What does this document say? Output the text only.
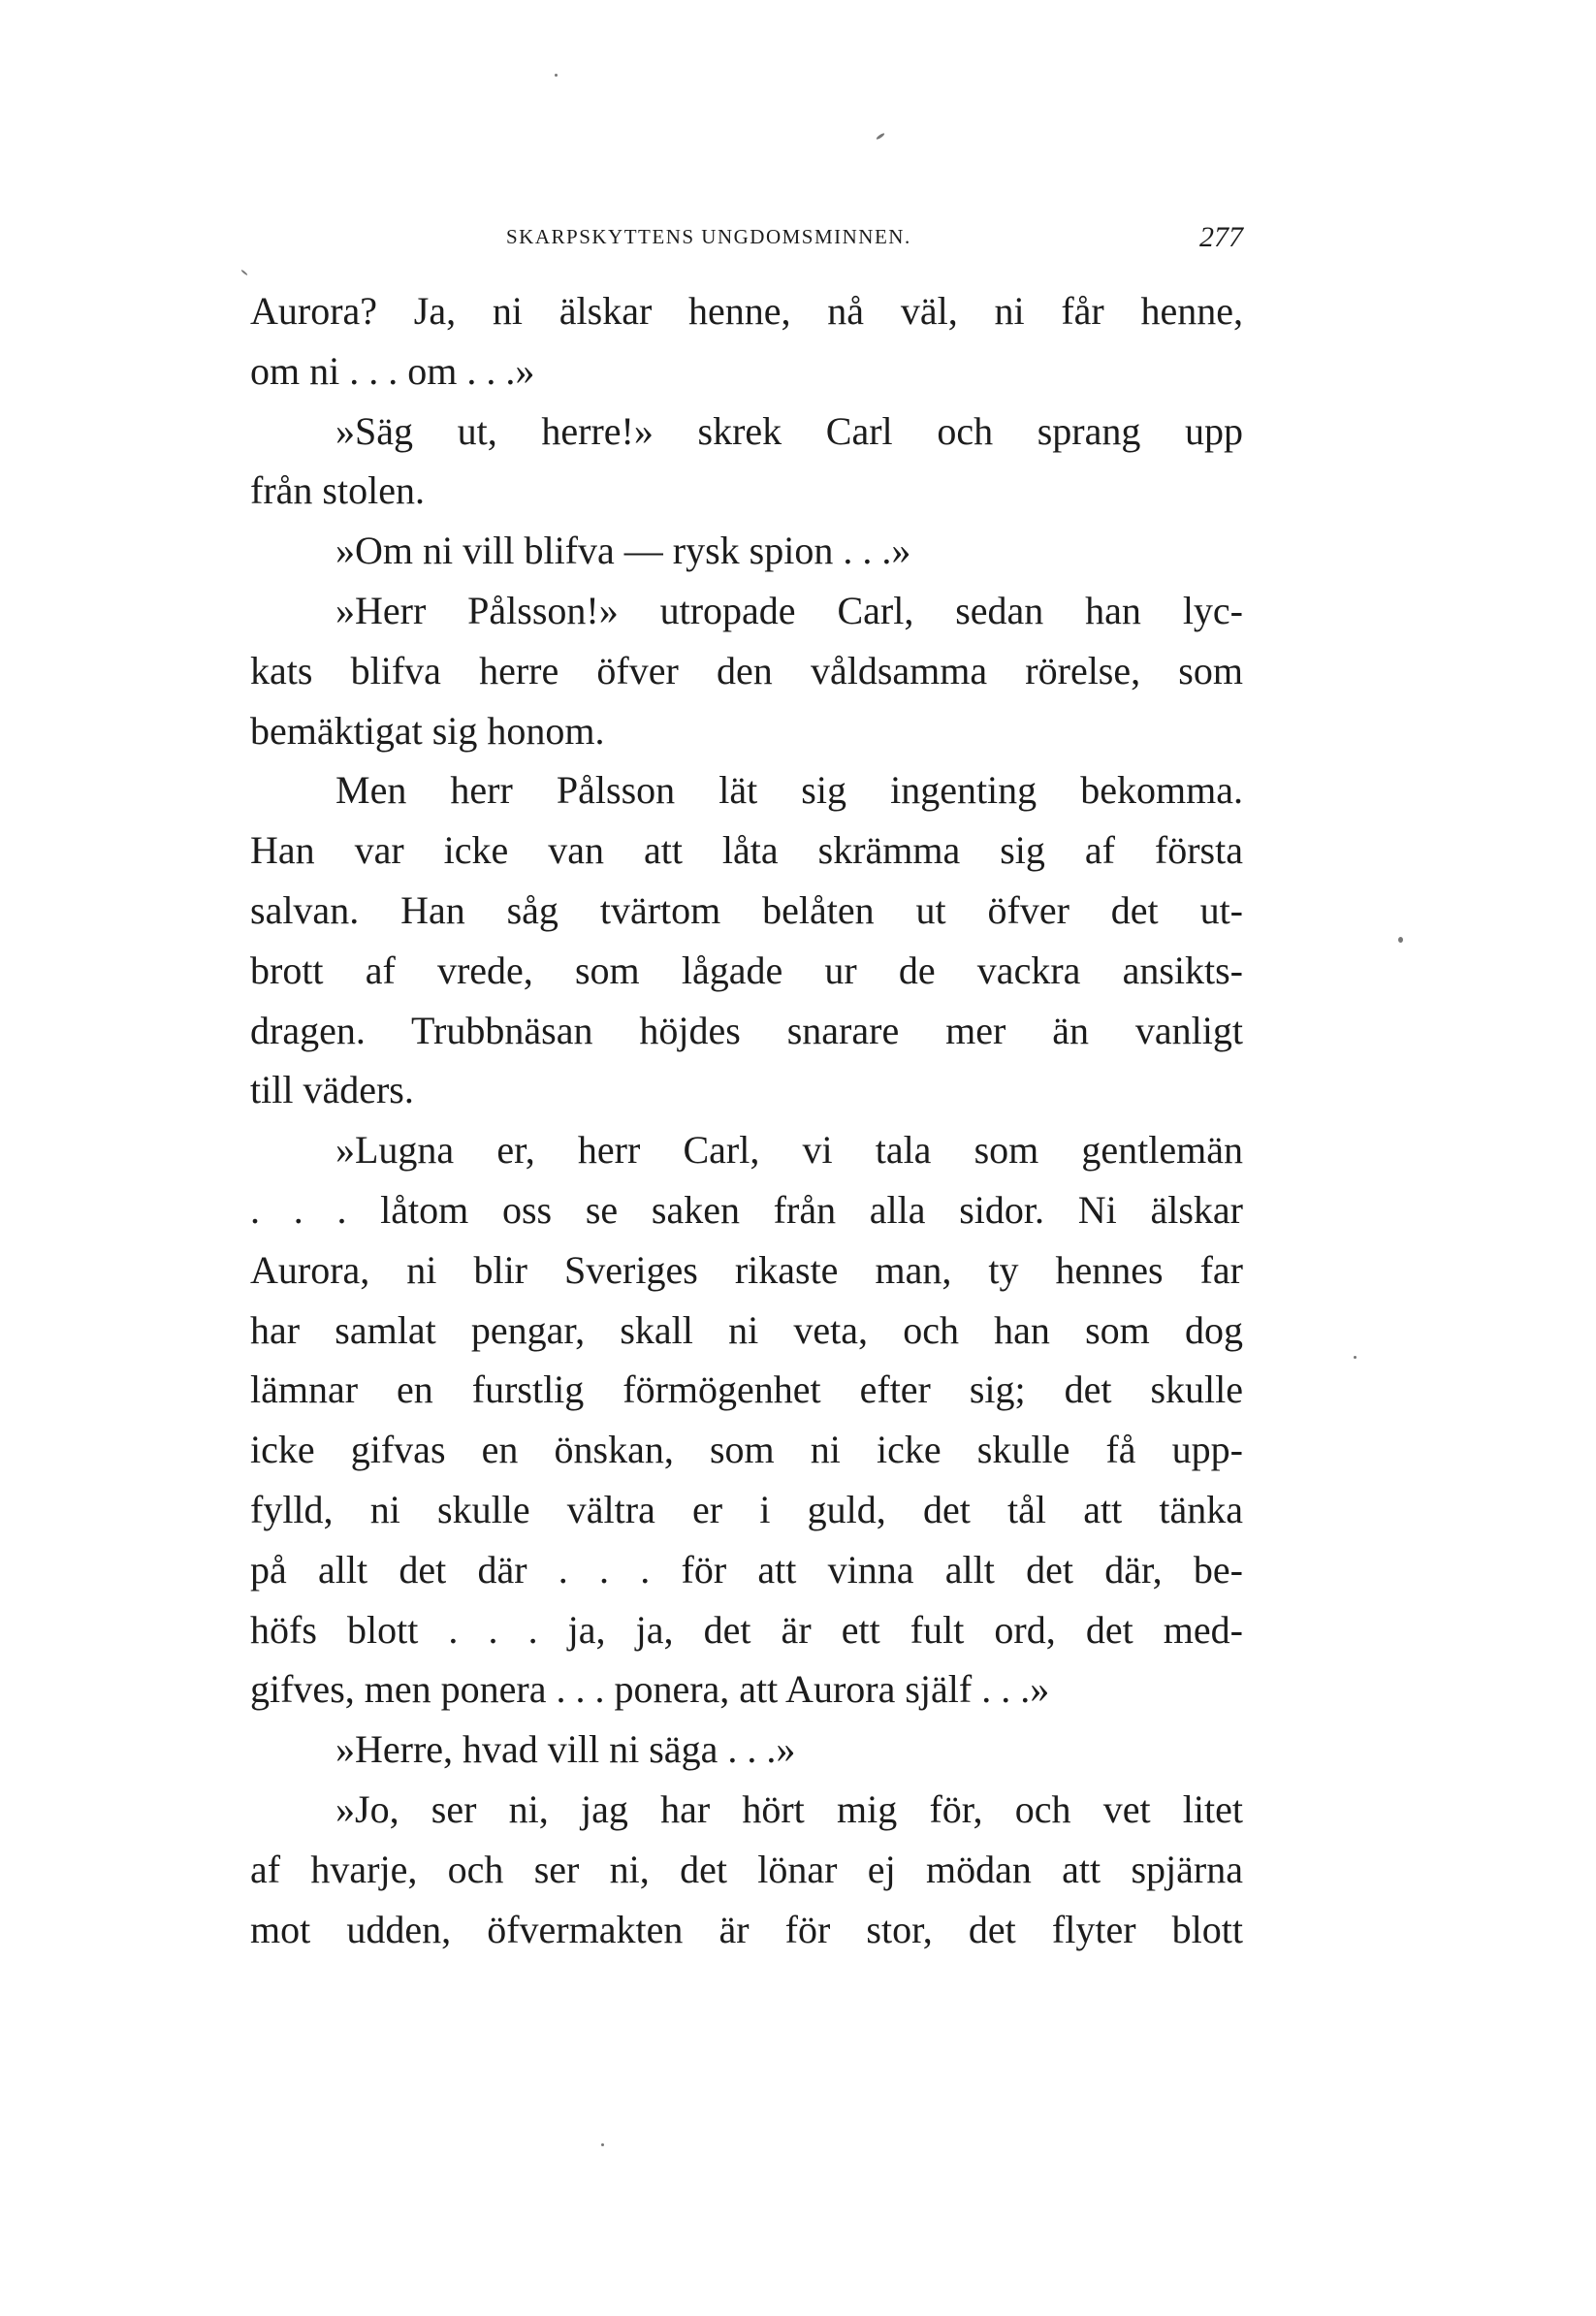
SKARPSKYTTENS UNGDOMSMINNEN.	277
Aurora? Ja, ni älskar henne, nå väl, ni får henne,
om ni . . . om . . .»
»Säg ut, herre!» skrek Carl och sprang upp
från stolen.
»Om ni vill blifva — rysk spion . . .»
»Herr Pålsson!» utropade Carl, sedan han lyc-
kats blifva herre öfver den våldsamma rörelse, som
bemäktigat sig honom.
Men herr Pålsson lät sig ingenting bekomma.
Han var icke van att låta skrämma sig af första
salvan. Han såg tvärtom belåten ut öfver det ut-
brott af vrede, som lågade ur de vackra ansikts-
dragen. Trubbnäsan höjdes snarare mer än vanligt
till väders.
»Lugna er, herr Carl, vi tala som gentlemän
. . . låtom oss se saken från alla sidor. Ni älskar
Aurora, ni blir Sveriges rikaste man, ty hennes far
har samlat pengar, skall ni veta, och han som dog
lämnar en furstlig förmögenhet efter sig; det skulle
icke gifvas en önskan, som ni icke skulle få upp-
fylld, ni skulle vältra er i guld, det tål att tänka
på allt det där . . . för att vinna allt det där, be-
höfs blott . . . ja, ja, det är ett fult ord, det med-
gifves, men ponera . . . ponera, att Aurora själf . . .»
»Herre, hvad vill ni säga . . .»
»Jo, ser ni, jag har hört mig för, och vet litet
af hvarje, och ser ni, det lönar ej mödan att spjärna
mot udden, öfvermakten är för stor, det flyter blott
